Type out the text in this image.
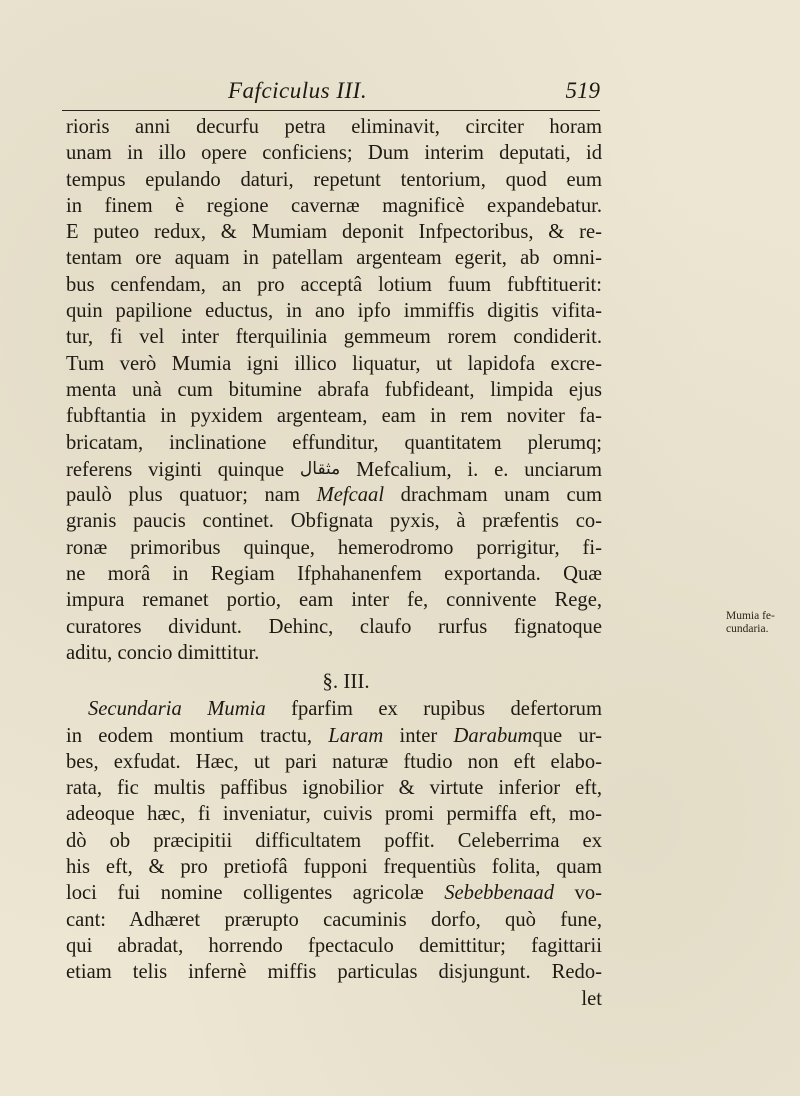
Fafciculus III.	519
rioris anni decurfu petra eliminavit, circiter horam
unam in illo opere conficiens; Dum interim deputati, id
tempus epulando daturi, repetunt tentorium, quod eum
in finem è regione cavernæ magnificè expandebatur.
E puteo redux, & Mumiam deponit Infpectoribus, & re-
tentam ore aquam in patellam argenteam egerit, ab omni-
bus cenfendam, an pro acceptâ lotium fuum fubftituerit:
quin papilione eductus, in ano ipfo immiffis digitis vifita-
tur, fi vel inter fterquilinia gemmeum rorem condiderit.
Tum verò Mumia igni illico liquatur, ut lapidofa excre-
menta unà cum bitumine abrafa fubfideant, limpida ejus
fubftantia in pyxidem argenteam, eam in rem noviter fa-
bricatam, inclinatione effunditur, quantitatem plerumq;
referens viginti quinque مثقال Mefcalium, i. e. unciarum
paulò plus quatuor; nam Mefcaal drachmam unam cum
granis paucis continet. Obfignata pyxis, à præfentis co-
ronæ primoribus quinque, hemerodromo porrigitur, fi-
ne morâ in Regiam Ifphahanenfem exportanda. Quæ
impura remanet portio, eam inter fe, connivente Rege,
curatores dividunt. Dehinc, claufo rurfus fignatoque
aditu, concio dimittitur.
§. III.
Secundaria Mumia fparfim ex rupibus defertorum
in eodem montium tractu, Laram inter Darabumque ur-
bes, exfudat. Hæc, ut pari naturæ ftudio non eft elabo-
rata, fic multis paffibus ignobilior & virtute inferior eft,
adeoque hæc, fi inveniatur, cuivis promi permiffa eft, mo-
dò ob præcipitii difficultatem poffit. Celeberrima ex
his eft, & pro pretiofâ fupponi frequentiùs folita, quam
loci fui nomine colligentes agricolæ Sebebbenaad vo-
cant: Adhæret prærupto cacuminis dorfo, quò fune,
qui abradat, horrendo fpectaculo demittitur; fagittarii
etiam telis infernè miffis particulas disjungunt. Redo-
let
Mumia fe-
cundaria.
